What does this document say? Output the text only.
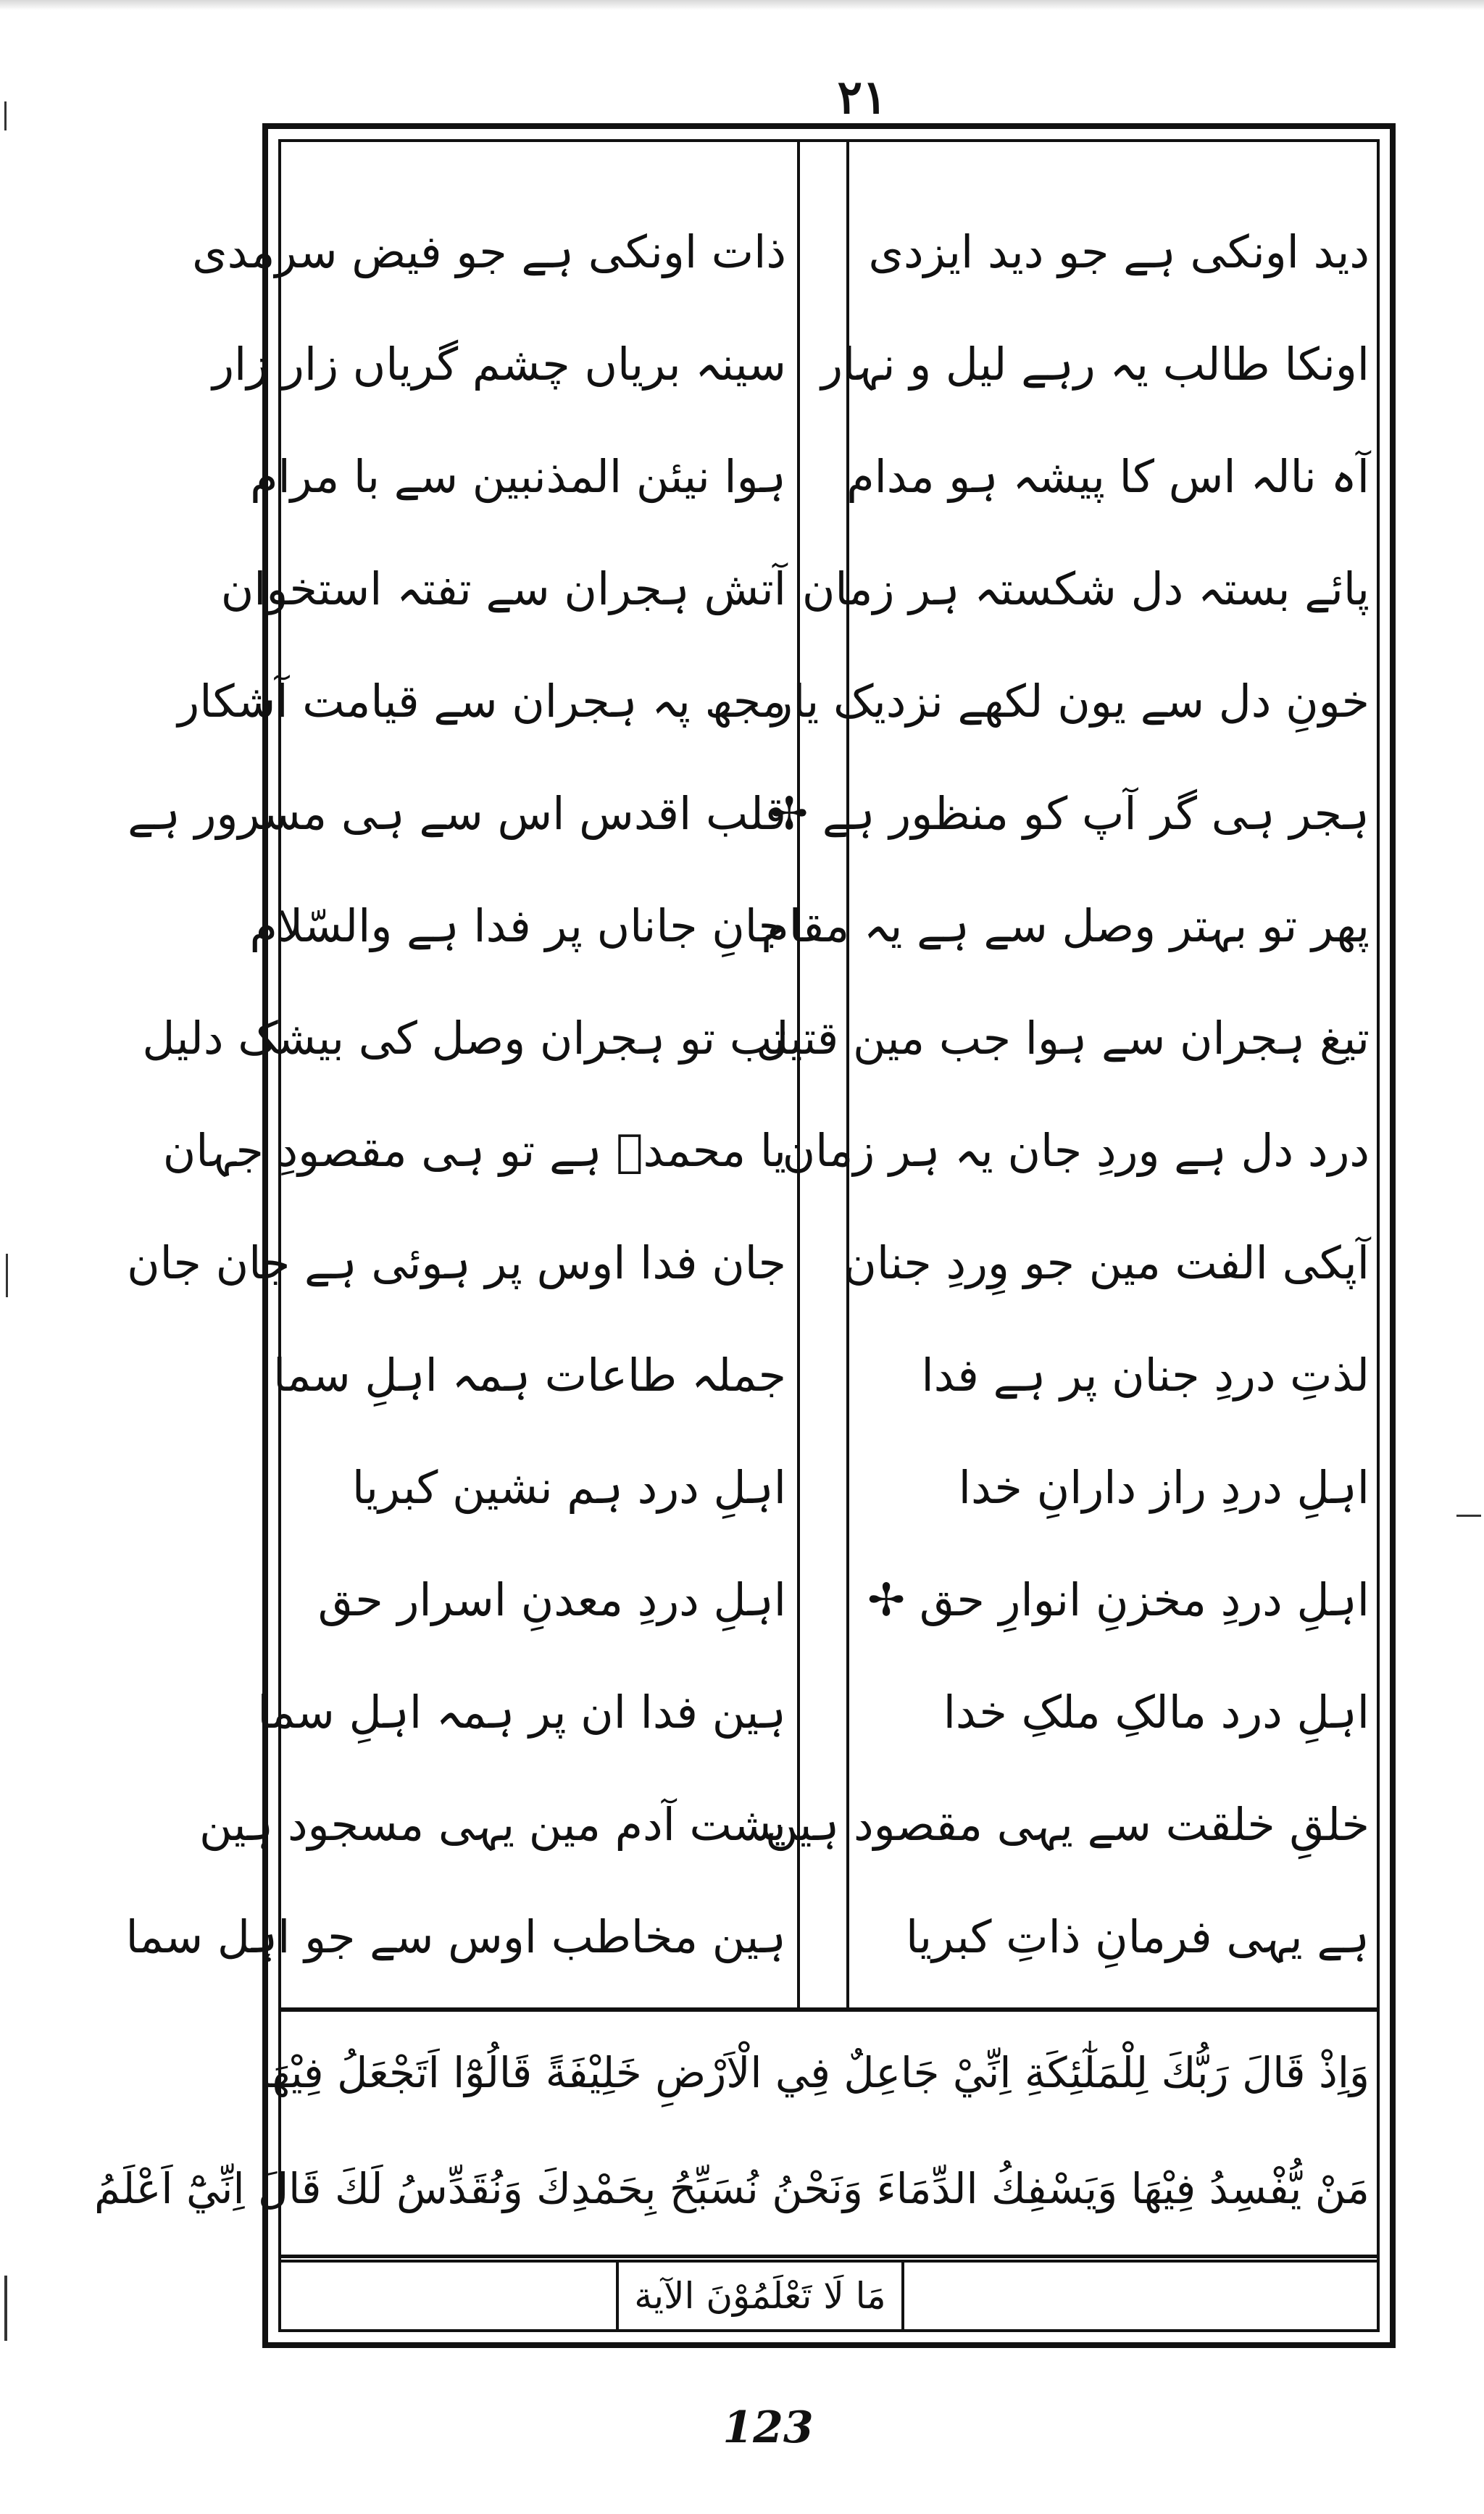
۲۱
ذات اونکی ہے جو فیض سرمدی
سینہ بریاں چشم گریاں زار زار
ہوا نیئن المذنبین سے با مرام
آتش ہجران سے تفتہ استخوان
مجھ پہ ہجران سے قیامت آشکار
قلب اقدس اس سے ہی مسرور ہے
جانِ جاناں پر فدا ہے والسّلام
تب تو ہجران وصل کی بیشک دلیل
یا محمدؐ ہے تو ہی مقصودِ جہان
جان فدا اوس پر ہوئی ہے جان جان
جملہ طاعات ہمہ اہلِ سما
اہلِ درد ہم نشین کبریا
اہلِ دردِ معدنِ اسرار حق
ہین فدا ان پر ہمہ اہلِ سما
پشت آدم مین یہی مسجود ہین
ہین مخاطب اوس سے جو اہل سما
دید اونکی ہے جو دید ایزدی
اونکا طالب یہ رہے لیل و نہار
آہ نالہ اس کا پیشہ ہو مدام
پائے بستہ دل شکستہ ہر زمان
خونِ دل سے یون لکھے نزدیک یار
ہجر ہی گر آپ کو منظور ہے ✢
پھر تو بہتر وصل سے ہے یہ مقام
تیغ ہجران سے ہوا جب مین قتیل
درد دل ہے وردِ جان یہ ہر زمان
آپکی الفت مین جو وِردِ جنان
لذتِ دردِ جنان پر ہے فدا
اہلِ دردِ راز دارانِ خدا
اہلِ دردِ مخزنِ انوارِ حق ✢
اہلِ درد مالکِ ملکِ خدا
خلقِ خلقت سے یہی مقصود ہین
ہے یہی فرمانِ ذاتِ کبریا
وَاِذْ قَالَ رَبُّكَ لِلْمَلٰٓئِكَةِ اِنِّيْ جَاعِلٌ فِي الْاَرْضِ خَلِيْفَةً قَالُوْٓا اَتَجْعَلُ فِيْهَا
مَنْ يُّفْسِدُ فِيْهَا وَيَسْفِكُ الدِّمَاءَ وَنَحْنُ نُسَبِّحُ بِحَمْدِكَ وَنُقَدِّسُ لَكَ قَالَ اِنِّيْٓ اَعْلَمُ
مَا لَا تَعْلَمُوْنَ الآية
123
